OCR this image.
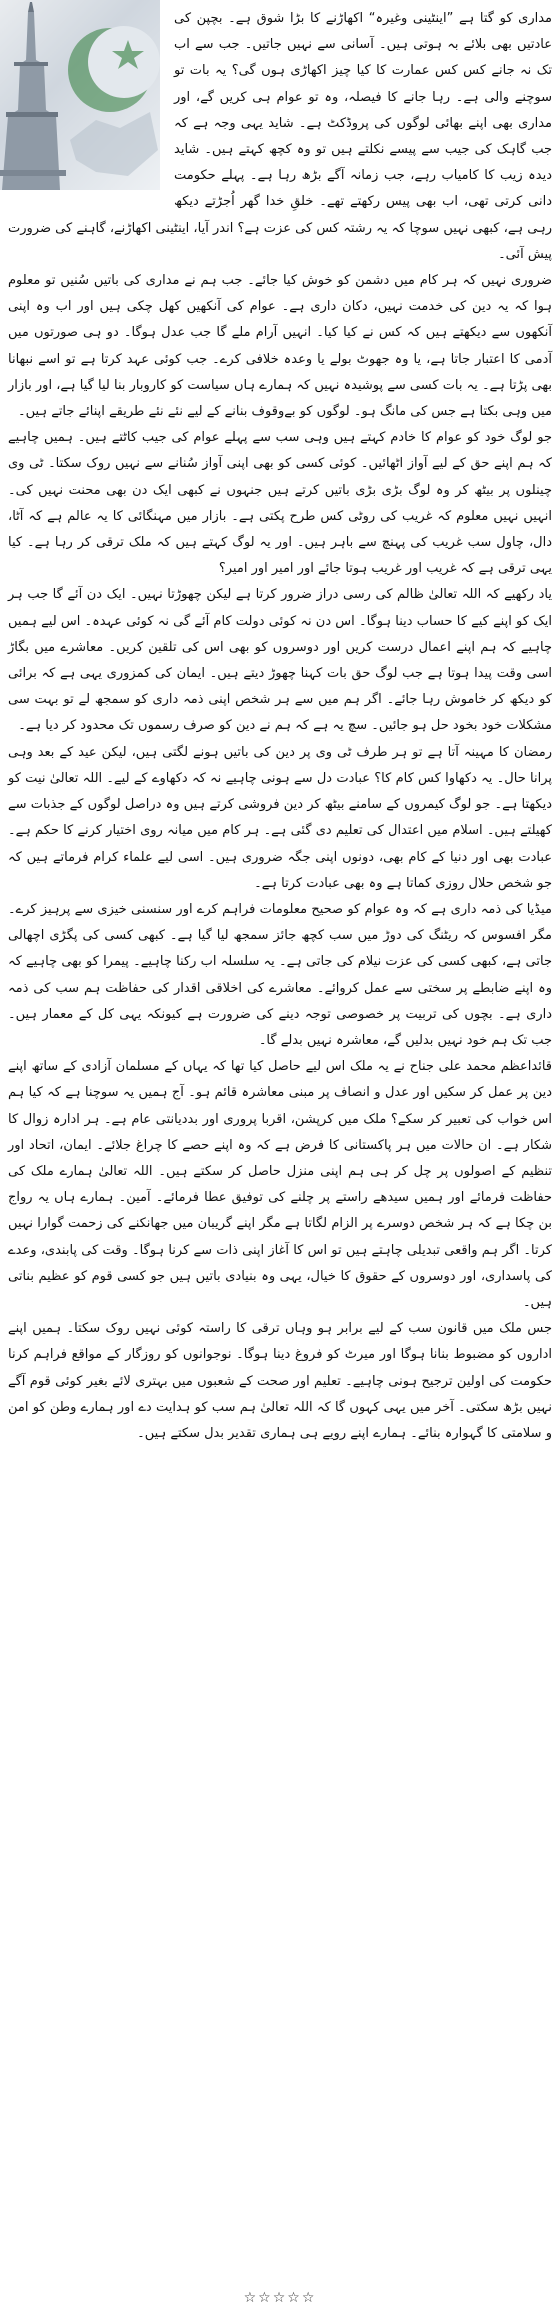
مداری کو گتا ہے ”اینٹینی وغیرہ“ اکھاڑنے کا بڑا شوق ہے۔ بچپن کی عادتیں بھی بلائے بہ ہوتی ہیں۔ آسانی سے نہیں جاتیں۔ جب سے اب تک نہ جانے کس کس عمارت کا کیا چیز اکھاڑی ہوں گی؟ یہ بات تو سوچنے والی ہے۔ رہا جانے کا فیصلہ، وہ تو عوام ہی کریں گے، اور مداری بھی اپنے بھائی لوگوں کی پروڈکٹ ہے۔ شاید یہی وجہ ہے کہ جب گاہک کی جیب سے پیسے نکلتے ہیں تو وہ کچھ کہتے ہیں۔ شاید دیدہ زیب کا کامیاب رہے، جب زمانہ آگے بڑھ رہا ہے۔ پہلے حکومت دانی کرتی تھی، اب بھی پیس رکھتے تھے۔ خلقِ خدا گھر اُجڑتے دیکھ رہی ہے، کبھی نہیں سوچا کہ یہ رشتہ کس کی عزت ہے؟ اندر آیا، اینٹینی اکھاڑنے، گاہنے کی ضرورت پیش آئی۔

ضروری نہیں کہ ہر کام میں دشمن کو خوش کیا جائے۔ جب ہم نے مداری کی باتیں سُنیں تو معلوم ہوا کہ یہ دین کی خدمت نہیں، دکان داری ہے۔ عوام کی آنکھیں کھل چکی ہیں اور اب وہ اپنی آنکھوں سے دیکھتے ہیں کہ کس نے کیا کیا۔ انہیں آرام ملے گا جب عدل ہوگا۔ دو ہی صورتوں میں آدمی کا اعتبار جاتا ہے، یا وہ جھوٹ بولے یا وعدہ خلافی کرے۔ جب کوئی عہد کرتا ہے تو اسے نبھانا بھی پڑتا ہے۔ یہ بات کسی سے پوشیدہ نہیں کہ ہمارے ہاں سیاست کو کاروبار بنا لیا گیا ہے، اور بازار میں وہی بکتا ہے جس کی مانگ ہو۔ لوگوں کو بےوقوف بنانے کے لیے نئے نئے طریقے اپنائے جاتے ہیں۔

جو لوگ خود کو عوام کا خادم کہتے ہیں وہی سب سے پہلے عوام کی جیب کاٹتے ہیں۔ ہمیں چاہیے کہ ہم اپنے حق کے لیے آواز اٹھائیں۔ کوئی کسی کو بھی اپنی آواز سُنانے سے نہیں روک سکتا۔ ٹی وی چینلوں پر بیٹھ کر وہ لوگ بڑی بڑی باتیں کرتے ہیں جنہوں نے کبھی ایک دن بھی محنت نہیں کی۔ انہیں نہیں معلوم کہ غریب کی روٹی کس طرح پکتی ہے۔ بازار میں مہنگائی کا یہ عالم ہے کہ آٹا، دال، چاول سب غریب کی پہنچ سے باہر ہیں۔ اور یہ لوگ کہتے ہیں کہ ملک ترقی کر رہا ہے۔ کیا یہی ترقی ہے کہ غریب اور غریب ہوتا جائے اور امیر اور امیر؟

یاد رکھیے کہ اللہ تعالیٰ ظالم کی رسی دراز ضرور کرتا ہے لیکن چھوڑتا نہیں۔ ایک دن آئے گا جب ہر ایک کو اپنے کیے کا حساب دینا ہوگا۔ اس دن نہ کوئی دولت کام آئے گی نہ کوئی عہدہ۔ اس لیے ہمیں چاہیے کہ ہم اپنے اعمال درست کریں اور دوسروں کو بھی اس کی تلقین کریں۔ معاشرے میں بگاڑ اسی وقت پیدا ہوتا ہے جب لوگ حق بات کہنا چھوڑ دیتے ہیں۔ ایمان کی کمزوری یہی ہے کہ برائی کو دیکھ کر خاموش رہا جائے۔ اگر ہم میں سے ہر شخص اپنی ذمہ داری کو سمجھ لے تو بہت سی مشکلات خود بخود حل ہو جائیں۔ سچ یہ ہے کہ ہم نے دین کو صرف رسموں تک محدود کر دیا ہے۔

رمضان کا مہینہ آتا ہے تو ہر طرف ٹی وی پر دین کی باتیں ہونے لگتی ہیں، لیکن عید کے بعد وہی پرانا حال۔ یہ دکھاوا کس کام کا؟ عبادت دل سے ہونی چاہیے نہ کہ دکھاوے کے لیے۔ اللہ تعالیٰ نیت کو دیکھتا ہے۔ جو لوگ کیمروں کے سامنے بیٹھ کر دین فروشی کرتے ہیں وہ دراصل لوگوں کے جذبات سے کھیلتے ہیں۔ اسلام میں اعتدال کی تعلیم دی گئی ہے۔ ہر کام میں میانہ روی اختیار کرنے کا حکم ہے۔ عبادت بھی اور دنیا کے کام بھی، دونوں اپنی جگہ ضروری ہیں۔ اسی لیے علماء کرام فرماتے ہیں کہ جو شخص حلال روزی کماتا ہے وہ بھی عبادت کرتا ہے۔

میڈیا کی ذمہ داری ہے کہ وہ عوام کو صحیح معلومات فراہم کرے اور سنسنی خیزی سے پرہیز کرے۔ مگر افسوس کہ ریٹنگ کی دوڑ میں سب کچھ جائز سمجھ لیا گیا ہے۔ کبھی کسی کی پگڑی اچھالی جاتی ہے، کبھی کسی کی عزت نیلام کی جاتی ہے۔ یہ سلسلہ اب رکنا چاہیے۔ پیمرا کو بھی چاہیے کہ وہ اپنے ضابطے پر سختی سے عمل کروائے۔ معاشرے کی اخلاقی اقدار کی حفاظت ہم سب کی ذمہ داری ہے۔ بچوں کی تربیت پر خصوصی توجہ دینے کی ضرورت ہے کیونکہ یہی کل کے معمار ہیں۔ جب تک ہم خود نہیں بدلیں گے، معاشرہ نہیں بدلے گا۔

قائداعظم محمد علی جناح نے یہ ملک اس لیے حاصل کیا تھا کہ یہاں کے مسلمان آزادی کے ساتھ اپنے دین پر عمل کر سکیں اور عدل و انصاف پر مبنی معاشرہ قائم ہو۔ آج ہمیں یہ سوچنا ہے کہ کیا ہم اس خواب کی تعبیر کر سکے؟ ملک میں کرپشن، اقربا پروری اور بددیانتی عام ہے۔ ہر ادارہ زوال کا شکار ہے۔ ان حالات میں ہر پاکستانی کا فرض ہے کہ وہ اپنے حصے کا چراغ جلائے۔ ایمان، اتحاد اور تنظیم کے اصولوں پر چل کر ہی ہم اپنی منزل حاصل کر سکتے ہیں۔ اللہ تعالیٰ ہمارے ملک کی حفاظت فرمائے اور ہمیں سیدھے راستے پر چلنے کی توفیق عطا فرمائے۔ آمین۔ ہمارے ہاں یہ رواج بن چکا ہے کہ ہر شخص دوسرے پر الزام لگاتا ہے مگر اپنے گریبان میں جھانکنے کی زحمت گوارا نہیں کرتا۔ اگر ہم واقعی تبدیلی چاہتے ہیں تو اس کا آغاز اپنی ذات سے کرنا ہوگا۔ وقت کی پابندی، وعدے کی پاسداری، اور دوسروں کے حقوق کا خیال، یہی وہ بنیادی باتیں ہیں جو کسی قوم کو عظیم بناتی ہیں۔

جس ملک میں قانون سب کے لیے برابر ہو وہاں ترقی کا راستہ کوئی نہیں روک سکتا۔ ہمیں اپنے اداروں کو مضبوط بنانا ہوگا اور میرٹ کو فروغ دینا ہوگا۔ نوجوانوں کو روزگار کے مواقع فراہم کرنا حکومت کی اولین ترجیح ہونی چاہیے۔ تعلیم اور صحت کے شعبوں میں بہتری لائے بغیر کوئی قوم آگے نہیں بڑھ سکتی۔ آخر میں یہی کہوں گا کہ اللہ تعالیٰ ہم سب کو ہدایت دے اور ہمارے وطن کو امن و سلامتی کا گہوارہ بنائے۔ ہمارے اپنے رویے ہی ہماری تقدیر بدل سکتے ہیں۔

☆☆☆☆☆
